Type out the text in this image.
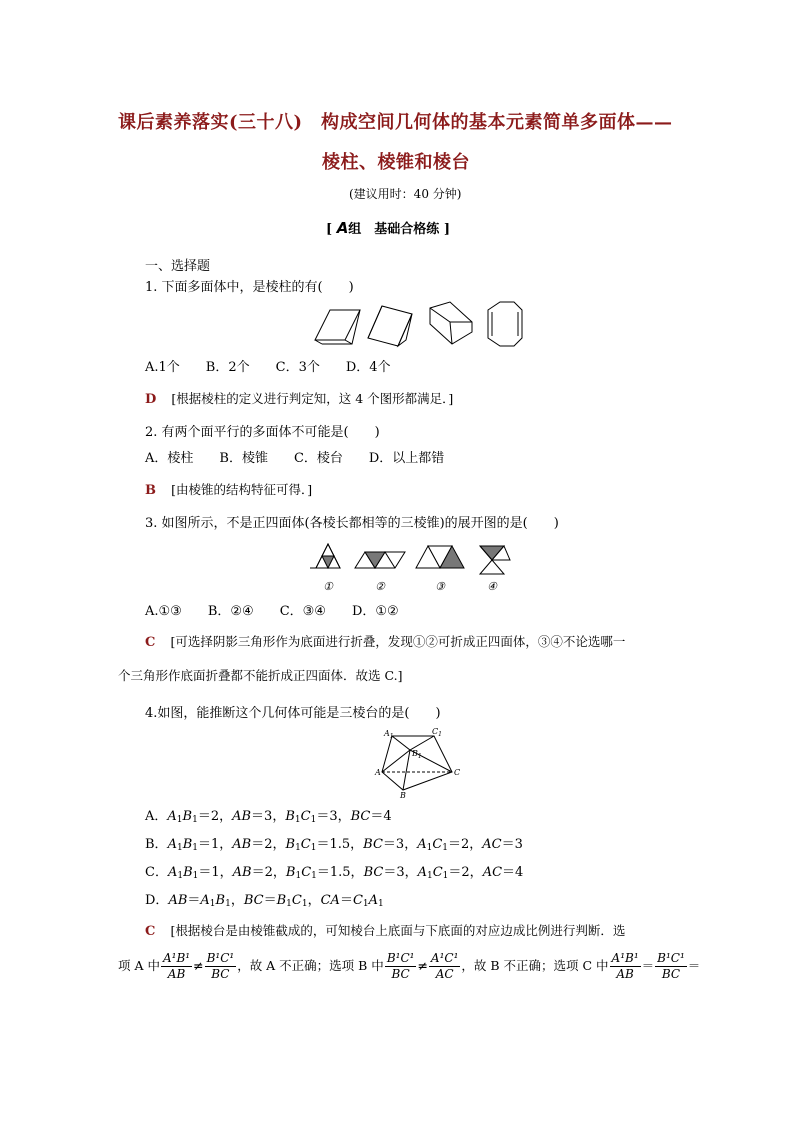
课后素养落实(三十八)　构成空间几何体的基本元素简单多面体——
棱柱、棱锥和棱台
(建议用时：40 分钟)
[ A组　基础合格练 ]
一、选择题
1. 下面多面体中，是棱柱的有(　　)
A.1个　　B．2个　　C．3个　　D．4个
D [根据棱柱的定义进行判定知，这 4 个图形都满足．]
2. 有两个面平行的多面体不可能是(　　)
A．棱柱　　B．棱锥　　C．棱台　　D．以上都错
B [由棱锥的结构特征可得．]
3. 如图所示，不是正四面体(各棱长都相等的三棱锥)的展开图的是(　　)
①	②	③	④
A.①③　　B．②④　　C．③④　　D．①②
C [可选择阴影三角形作为底面进行折叠，发现①②可折成正四面体，③④不论选哪一
个三角形作底面折叠都不能折成正四面体．故选 C.]
4.如图，能推断这个几何体可能是三棱台的是(　　)
$A_1$
$C_1$
$B_1$
A	C
B
A．$A_1B_1=2$，AB＝3，$B_1C_1=3$，BC＝4
B．$A_1B_1=1$，AB＝2，$B_1C_1=1.5$，BC＝3，$A_1C_1=2$，AC＝3
C．$A_1B_1=1$，AB＝2，$B_1C_1=1.5$，BC＝3，$A_1C_1=2$，AC＝4
D．$AB=A_1B_1$，$BC=B_1C_1$，$CA=C_1A_1$
C [根据棱台是由棱锥截成的，可知棱台上底面与下底面的对应边成比例进行判断．选
项 A 中 $\frac{\text{A¹B¹}}{AB} \ne \frac{\text{B¹C¹}}{BC}$ ，故 A 不正确；选项 B 中 $\frac{\text{B¹C¹}}{BC} \ne \frac{\text{A¹C¹}}{AC}$ ，故 B 不正确；选项 C 中 $\frac{\text{A¹B¹}}{AB} = \frac{\text{B¹C¹}}{BC}$ ＝
